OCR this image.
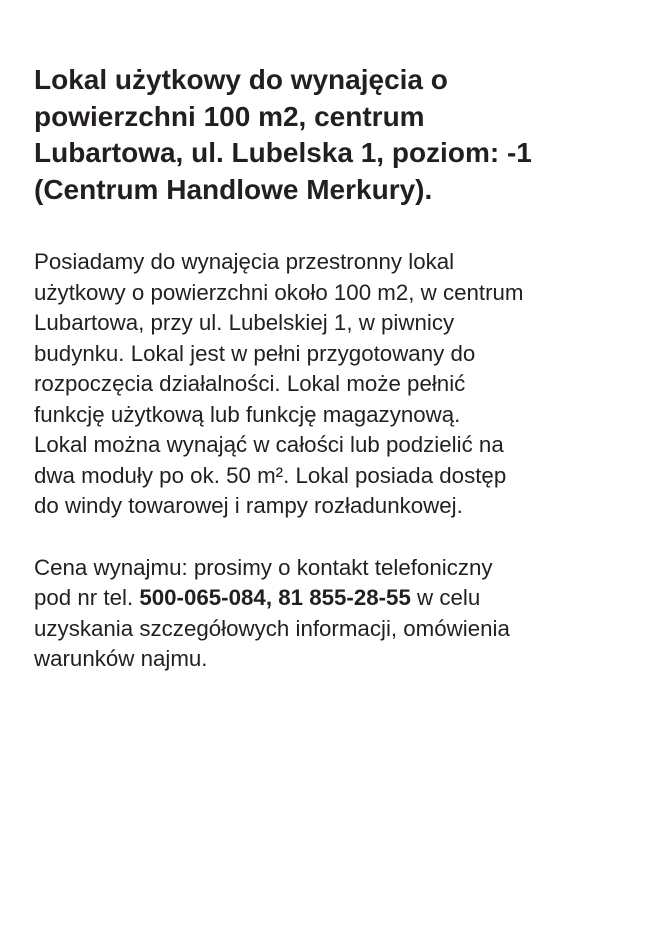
Lokal użytkowy do wynajęcia o
powierzchni 100 m2, centrum
Lubartowa, ul. Lubelska 1, poziom: -1
(Centrum Handlowe Merkury).

Posiadamy do wynajęcia przestronny lokal
użytkowy o powierzchni około 100 m2, w centrum
Lubartowa, przy ul. Lubelskiej 1, w piwnicy
budynku. Lokal jest w pełni przygotowany do
rozpoczęcia działalności. Lokal może pełnić
funkcję użytkową lub funkcję magazynową.
Lokal można wynająć w całości lub podzielić na
dwa moduły po ok. 50 m². Lokal posiada dostęp
do windy towarowej i rampy rozładunkowej.

Cena wynajmu: prosimy o kontakt telefoniczny
pod nr tel. 500-065-084, 81 855-28-55 w celu
uzyskania szczegółowych informacji, omówienia
warunków najmu.
